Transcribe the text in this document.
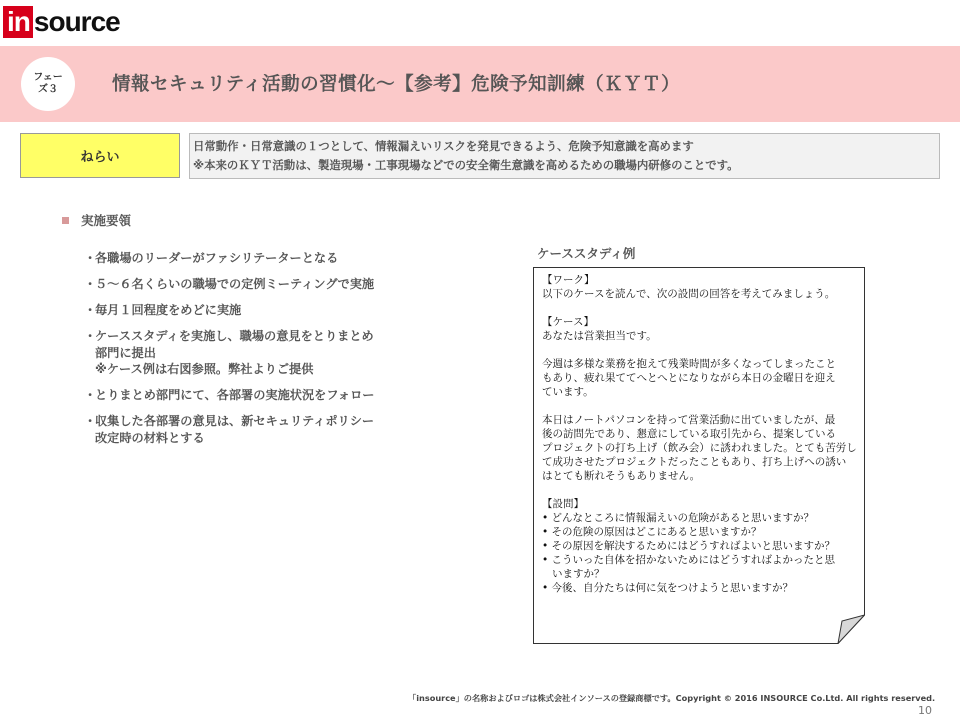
in source
フェー
ズ３	情報セキュリティ活動の習慣化～【参考】危険予知訓練（ＫＹＴ）
ねらい
日常動作・日常意識の１つとして、情報漏えいリスクを発見できるよう、危険予知意識を高めます
※本来のＫＹＴ活動は、製造現場・工事現場などでの安全衛生意識を高めるための職場内研修のことです。
実施要領
・
各職場のリーダーがファシリテーターとなる
・
５～６名くらいの職場での定例ミーティングで実施
・
毎月１回程度をめどに実施
・
ケーススタディを実施し、職場の意見をとりまとめ
部門に提出
※ケース例は右図参照。弊社よりご提供
・
とりまとめ部門にて、各部署の実施状況をフォロー
・
収集した各部署の意見は、新セキュリティポリシー
改定時の材料とする
ケーススタディ例
【ワーク】
以下のケースを読んで、次の設問の回答を考えてみましょう。
【ケース】
あなたは営業担当です。
今週は多様な業務を抱えて残業時間が多くなってしまったこと
もあり、疲れ果ててへとへとになりながら本日の金曜日を迎え
ています。
本日はノートパソコンを持って営業活動に出ていましたが、最
後の訪問先であり、懇意にしている取引先から、提案している
プロジェクトの打ち上げ（飲み会）に誘われました。とても苦労し
て成功させたプロジェクトだったこともあり、打ち上げへの誘い
はとても断れそうもありません。
【設問】
• どんなところに情報漏えいの危険があると思いますか？
• その危険の原因はどこにあると思いますか？
• その原因を解決するためにはどうすればよいと思いますか？
• こういった自体を招かないためにはどうすればよかったと思
いますか？
• 今後、自分たちは何に気をつけようと思いますか？
「insource」の名称およびロゴは株式会社インソースの登録商標です。Copyright © 2016 INSOURCE Co.Ltd. All rights reserved.
10
